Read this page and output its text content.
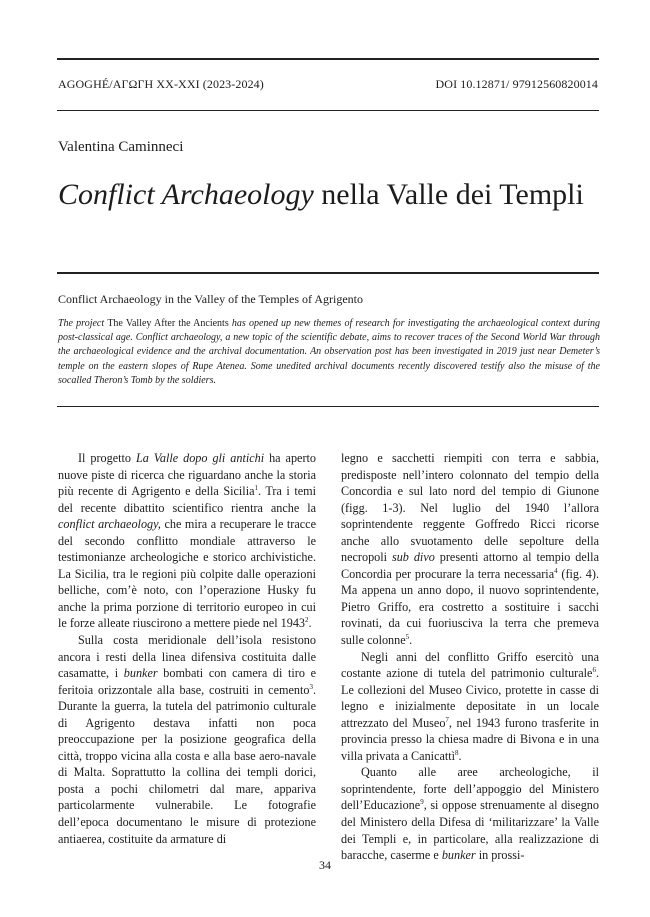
AGOGHÉ/ΑΓΩΓΗ XX-XXI (2023-2024)	DOI 10.12871/ 97912560820014
Valentina Caminneci
Conflict Archaeology nella Valle dei Templi
Conflict Archaeology in the Valley of the Temples of Agrigento
The project The Valley After the Ancients has opened up new themes of research for investigating the archaeological context during post-classical age. Conflict archaeology, a new topic of the scientific debate, aims to recover traces of the Second World War through the archaeological evidence and the archival documentation. An observation post has been investigated in 2019 just near Demeter’s temple on the eastern slopes of Rupe Atenea. Some unedited archival documents recently discovered testify also the misuse of the socalled Theron’s Tomb by the soldiers.

Il progetto La Valle dopo gli antichi ha aperto nuove piste di ricerca che riguardano anche la storia più recente di Agrigento e della Sicilia$^1$. Tra i temi del recente dibattito scientifico rientra anche la conflict archaeology, che mira a recuperare le tracce del secondo conflitto mondiale attraverso le testimonianze archeologiche e storico archivistiche. La Sicilia, tra le regioni più colpite dalle operazioni belliche, com’è noto, con l’operazione Husky fu anche la prima porzione di territorio europeo in cui le forze alleate riuscirono a mettere piede nel 1943$^2$.

Sulla costa meridionale dell’isola resistono ancora i resti della linea difensiva costituita dalle casamatte, i bunker bombati con camera di tiro e feritoia orizzontale alla base, costruiti in cemento$^3$. Durante la guerra, la tutela del patrimonio culturale di Agrigento destava infatti non poca preoccupazione per la posizione geografica della città, troppo vicina alla costa e alla base aero-navale di Malta. Soprattutto la collina dei templi dorici, posta a pochi chilometri dal mare, appariva particolarmente vulnerabile. Le fotografie dell’epoca documentano le misure di protezione antiaerea, costituite da armature di

legno e sacchetti riempiti con terra e sabbia, predisposte nell’intero colonnato del tempio della Concordia e sul lato nord del tempio di Giunone (figg. 1-3). Nel luglio del 1940 l’allora soprintendente reggente Goffredo Ricci ricorse anche allo svuotamento delle sepolture della necropoli sub divo presenti attorno al tempio della Concordia per procurare la terra necessaria$^4$ (fig. 4). Ma appena un anno dopo, il nuovo soprintendente, Pietro Griffo, era costretto a sostituire i sacchi rovinati, da cui fuoriusciva la terra che premeva sulle colonne$^5$.

Negli anni del conflitto Griffo esercitò una costante azione di tutela del patrimonio culturale$^6$. Le collezioni del Museo Civico, protette in casse di legno e inizialmente depositate in un locale attrezzato del Museo$^7$, nel 1943 furono trasferite in provincia presso la chiesa madre di Bivona e in una villa privata a Canicattì$^8$.

Quanto alle aree archeologiche, il soprintendente, forte dell’appoggio del Ministero dell’Educazione$^9$, si oppose strenuamente al disegno del Ministero della Difesa di ‘militarizzare’ la Valle dei Templi e, in particolare, alla realizzazione di baracche, caserme e bunker in prossi-

34
